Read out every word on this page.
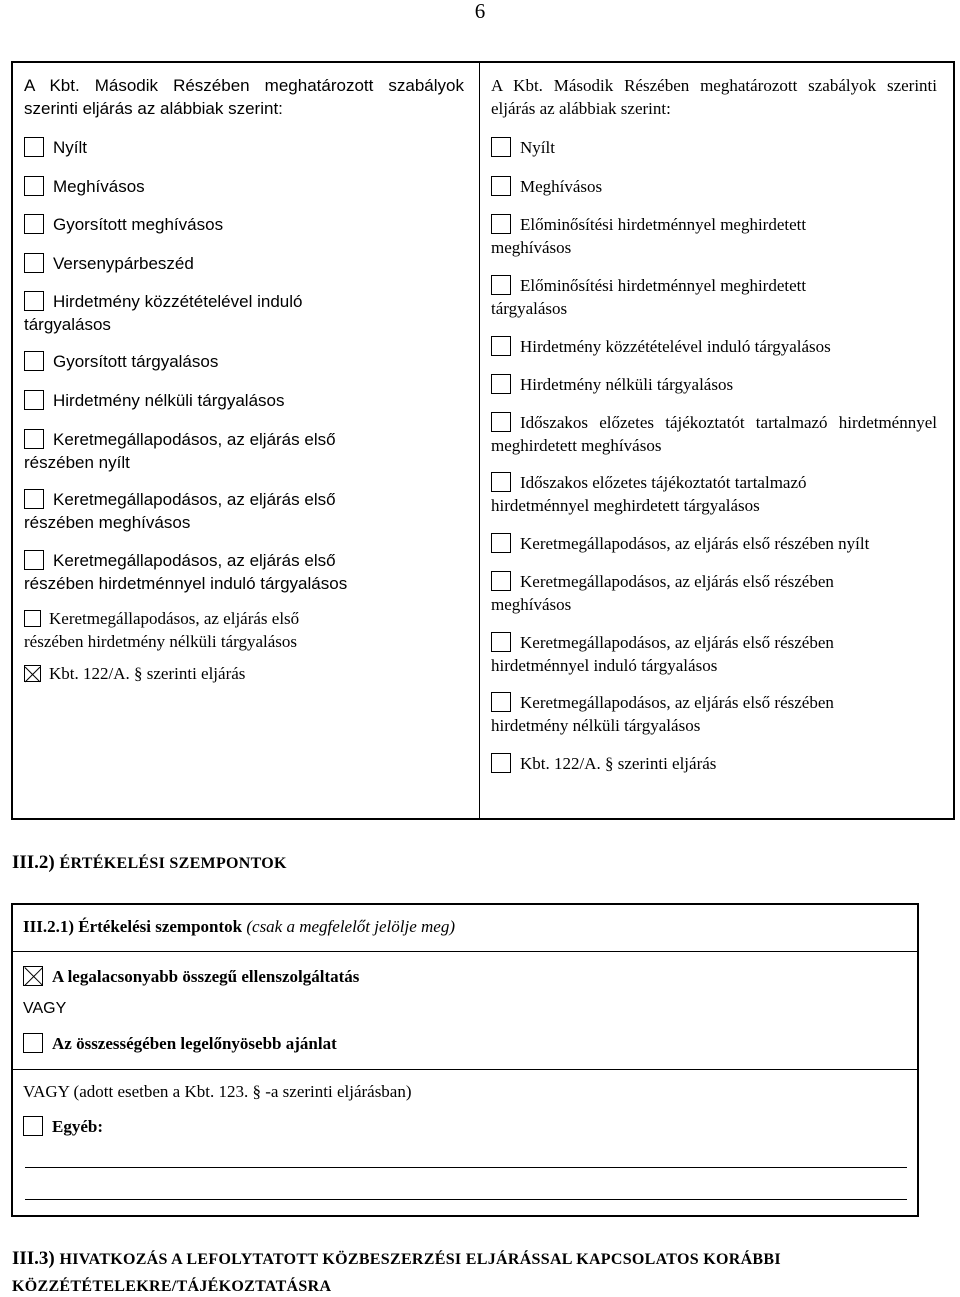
6
A Kbt. Második Részében meghatározott szabályok szerinti eljárás az alábbiak szerint:
Nyílt
Meghívásos
Gyorsított meghívásos
Versenypárbeszéd
Hirdetmény közzétételével induló tárgyalásos
Gyorsított tárgyalásos
Hirdetmény nélküli tárgyalásos
Keretmegállapodásos, az eljárás első részében nyílt
Keretmegállapodásos, az eljárás első részében meghívásos
Keretmegállapodásos, az eljárás első részében hirdetménnyel induló tárgyalásos
Keretmegállapodásos, az eljárás első részében hirdetmény nélküli tárgyalásos
Kbt. 122/A. § szerinti eljárás
A Kbt. Második Részében meghatározott szabályok szerinti eljárás az alábbiak szerint:
Nyílt
Meghívásos
Előminősítési hirdetménnyel meghirdetett meghívásos
Előminősítési hirdetménnyel meghirdetett tárgyalásos
Hirdetmény közzétételével induló tárgyalásos
Hirdetmény nélküli tárgyalásos
Időszakos előzetes tájékoztatót tartalmazó hirdetménnyel meghirdetett meghívásos
Időszakos előzetes tájékoztatót tartalmazó hirdetménnyel meghirdetett tárgyalásos
Keretmegállapodásos, az eljárás első részében nyílt
Keretmegállapodásos, az eljárás első részében meghívásos
Keretmegállapodásos, az eljárás első részében hirdetménnyel induló tárgyalásos
Keretmegállapodásos, az eljárás első részében hirdetmény nélküli tárgyalásos
Kbt. 122/A. § szerinti eljárás
III.2) ÉRTÉKELÉSI SZEMPONTOK
III.2.1) Értékelési szempontok (csak a megfelelőt jelölje meg)
A legalacsonyabb összegű ellenszolgáltatás
VAGY
Az összességében legelőnyösebb ajánlat
VAGY (adott esetben a Kbt. 123. § -a szerinti eljárásban)
Egyéb:
III.3) HIVATKOZÁS A LEFOLYTATOTT KÖZBESZERZÉSI ELJÁRÁSSAL KAPCSOLATOS KORÁBBI
KÖZZÉTÉTELEKRE/TÁJÉKOZTATÁSRA
